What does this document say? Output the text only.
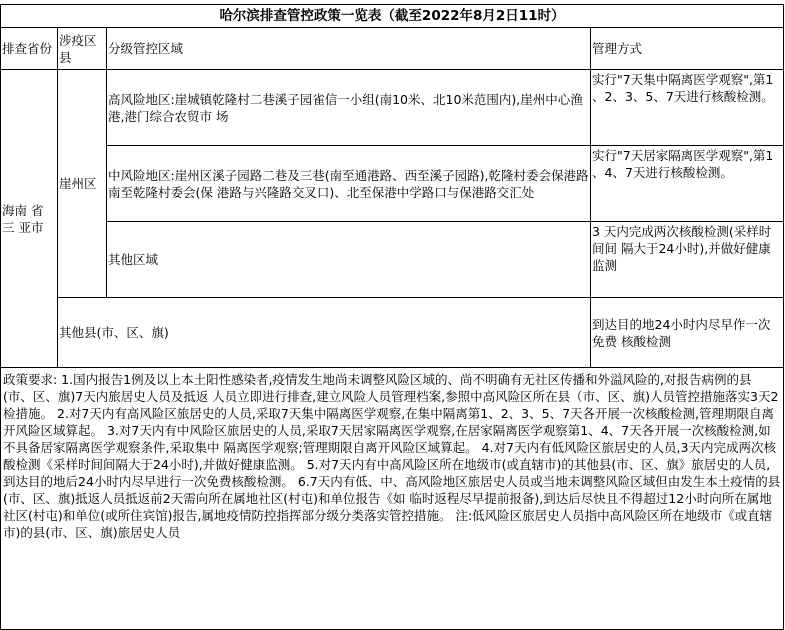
哈尔滨排查管控政策一览表（截至2022年8月2日11时）			
排查省份	涉疫区县	分级管控区域	管理方式
海南 省 三 亚市	崖州区	高风险地区:崖城镇乾隆村二巷溪子园雀信一小组(南10米、北10米范围内),崖州中心渔港,港门综合农贸市 场	实行"7天集中隔离医学观察",第1 、2、3、5、7天进行核酸检测。
		中风险地区:崖州区溪子园路二巷及三巷(南至通港路、西至溪子园路),乾隆村委会保港路南至乾隆村委会(保 港路与兴隆路交叉口)、北至保港中学路口与保港路交汇处	实行"7天居家隔离医学观察",第1 、4、7天进行核酸检测。
		其他区域	3 天内完成两次核酸检测(采样时间间 隔大于24小时),并做好健康监测
	其他县(市、区、旗)		到达目的地24小时内尽早作一次免费 核酸检测
政策要求: 1.国内报告1例及以上本土阳性感染者,疫情发生地尚未调整风险区域的、尚不明确有无社区传播和外溢风险的,对报告病例的县(市、区、旗)7天内旅居史人员及抵返 人员立即进行排查,建立风险人员管理档案,参照中高风险区所在县（市、区、旗)人员管控措施落实3天2检措施。 2.对7天内有高风险区旅居史的人员,采取7天集中隔离医学观察,在集中隔离第1、2、3、5、7天各开展一次核酸检测,管理期限自离开风险区域算起。 3.对7天内有中风险区旅居史的人员,采取7天居家隔离医学观察,在居家隔离医学观察第1、4、7天各开展一次核酸检测,如不具备居家隔离医学观察条件,采取集中 隔离医学观察;管理期限自离开风险区域算起。 4.对7天内有低风险区旅居史的人员,3天内完成两次核酸检测《采样时间间隔大于24小时),并做好健康监测。 5.对7天内有中高风险区所在地级市(或直辖市)的其他县(市、区、旗》旅居史的人员,到达目的地后24小时内尽早进行一次免费核酸检测。 6.7天内有低、中、高风险地区旅居史人员或当地未调整风险区域但由发生本土疫情的县(市、区、旗)抵返人员抵返前2天需向所在属地社区(村屯)和单位报告《如 临时返程尽早提前报备),到达后尽快且不得超过12小时向所在属地社区(村屯)和单位(或所住宾馆)报告,属地疫情防控指挥部分级分类落实管控措施。 注:低风险区旅居史人员指中高风险区所在地级市《或直辖市)的县(市、区、旗)旅居史人员			
